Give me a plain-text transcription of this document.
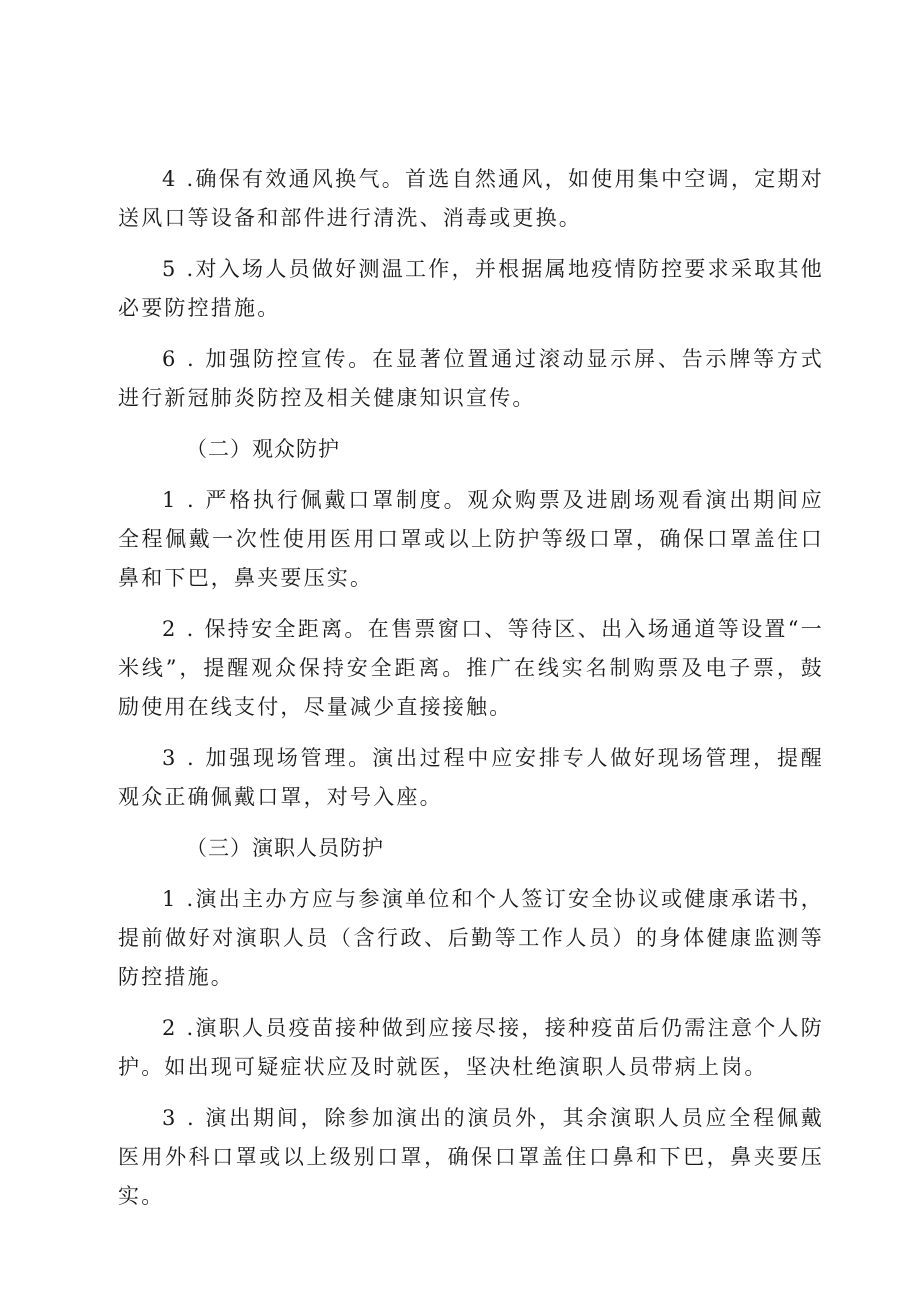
4 .确保有效通风换气。首选自然通风，如使用集中空调，定期对送风口等设备和部件进行清洗、消毒或更换。

5 .对入场人员做好测温工作，并根据属地疫情防控要求采取其他必要防控措施。

6 . 加强防控宣传。在显著位置通过滚动显示屏、告示牌等方式进行新冠肺炎防控及相关健康知识宣传。

（二）观众防护

1 . 严格执行佩戴口罩制度。观众购票及进剧场观看演出期间应全程佩戴一次性使用医用口罩或以上防护等级口罩，确保口罩盖住口鼻和下巴，鼻夹要压实。

2 . 保持安全距离。在售票窗口、等待区、出入场通道等设置“一米线”，提醒观众保持安全距离。推广在线实名制购票及电子票，鼓励使用在线支付，尽量减少直接接触。

3 . 加强现场管理。演出过程中应安排专人做好现场管理，提醒观众正确佩戴口罩，对号入座。

（三）演职人员防护

1 .演出主办方应与参演单位和个人签订安全协议或健康承诺书，提前做好对演职人员（含行政、后勤等工作人员）的身体健康监测等防控措施。

2 .演职人员疫苗接种做到应接尽接，接种疫苗后仍需注意个人防护。如出现可疑症状应及时就医，坚决杜绝演职人员带病上岗。

3 . 演出期间，除参加演出的演员外，其余演职人员应全程佩戴医用外科口罩或以上级别口罩，确保口罩盖住口鼻和下巴，鼻夹要压实。
